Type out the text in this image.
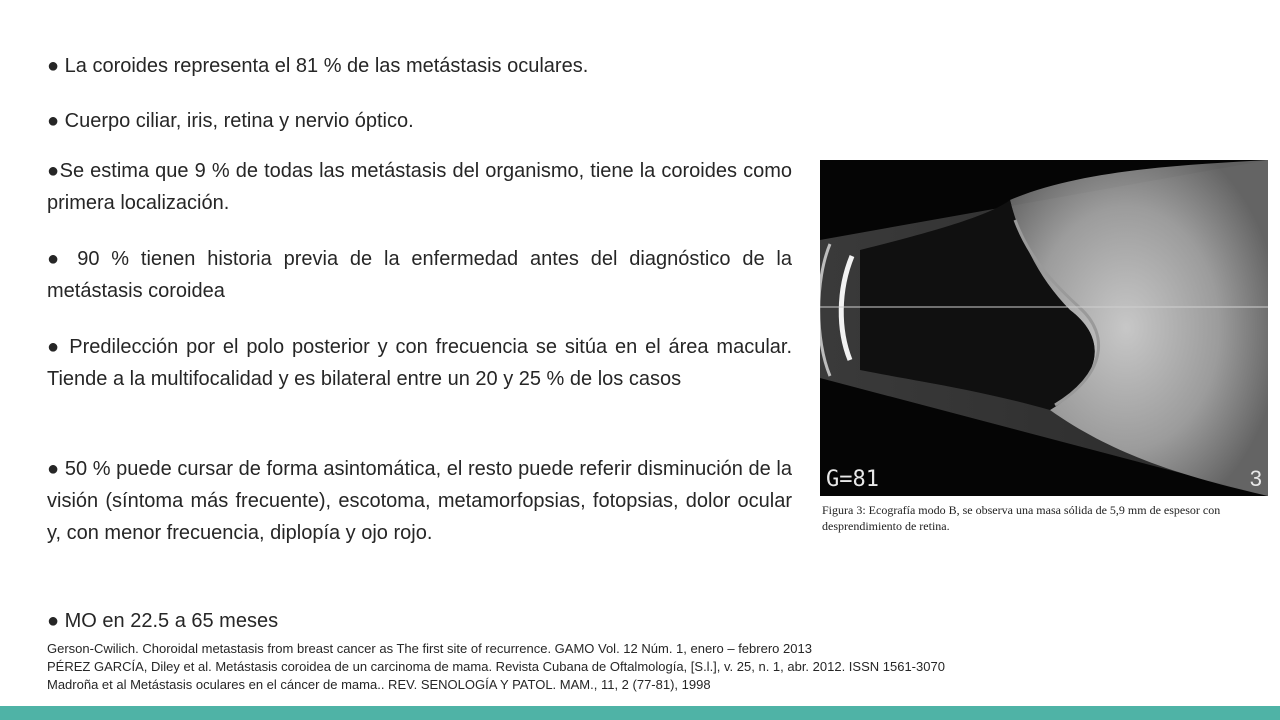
● La coroides representa el 81 % de las metástasis oculares.
● Cuerpo ciliar, iris, retina y nervio óptico.
●Se estima que 9 % de todas las metástasis del organismo, tiene la coroides como primera localización.
● 90 % tienen historia previa de la enfermedad antes del diagnóstico de la metástasis coroidea
● Predilección por el polo posterior y con frecuencia se sitúa en el área macular. Tiende a la multifocalidad y es bilateral entre un 20 y 25 % de los casos
● 50 % puede cursar de forma asintomática, el resto puede referir disminución de la visión (síntoma más frecuente), escotoma, metamorfopsias, fotopsias, dolor ocular y, con menor frecuencia, diplopía y ojo rojo.
● MO en 22.5 a 65 meses
G=81	3
Figura 3: Ecografía modo B, se observa una masa sólida de 5,9 mm de espesor con desprendimiento de retina.
Gerson-Cwilich. Choroidal metastasis from breast cancer as The first site of recurrence. GAMO Vol. 12 Núm. 1, enero – febrero 2013
PÉREZ GARCÍA, Diley et al. Metástasis coroidea de un carcinoma de mama. Revista Cubana de Oftalmología, [S.l.], v. 25, n. 1, abr. 2012. ISSN 1561-3070
Madroña et al Metástasis oculares en el cáncer de mama.. REV. SENOLOGÍA Y PATOL. MAM., 11, 2 (77-81), 1998
